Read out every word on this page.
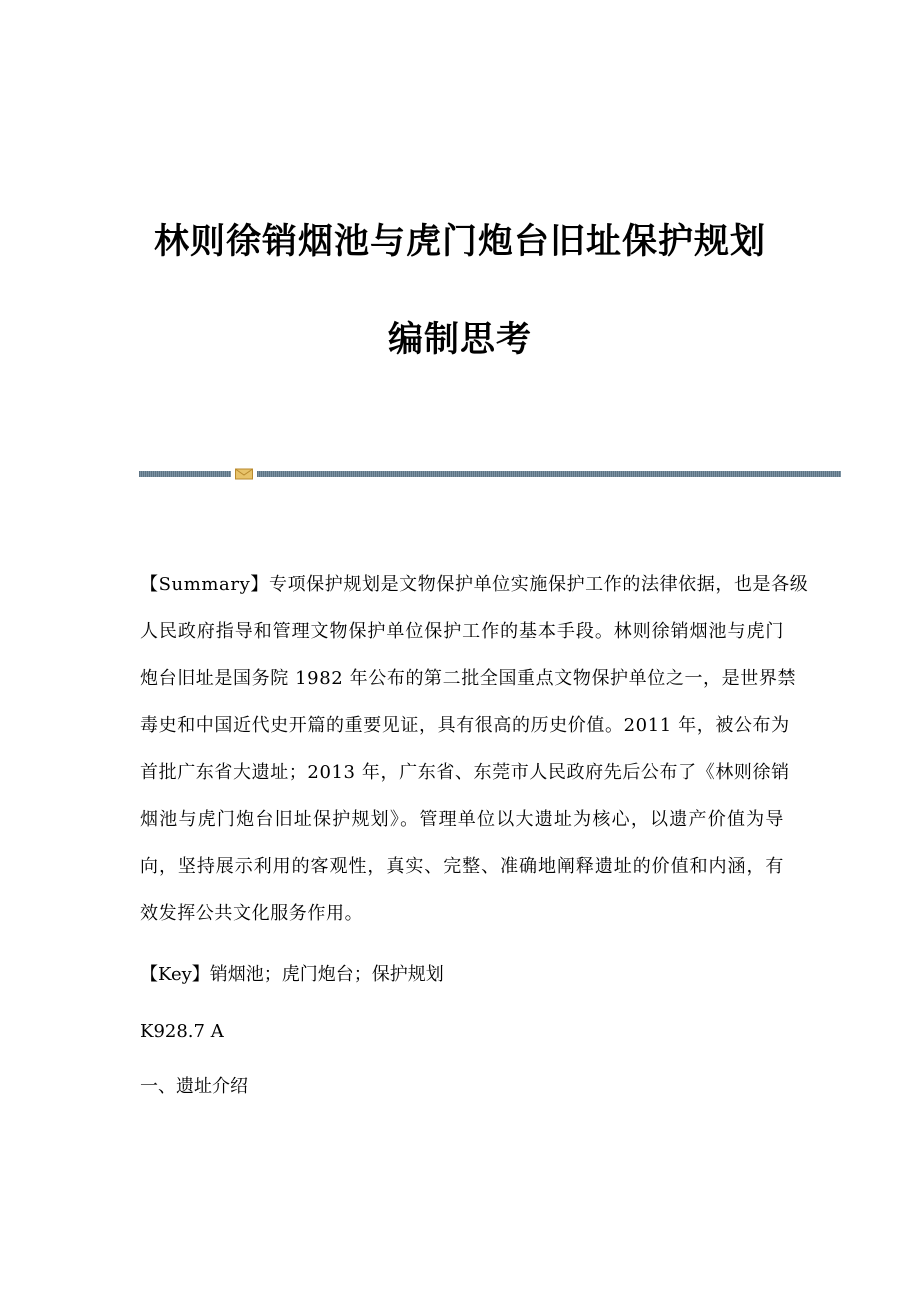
林则徐销烟池与虎门炮台旧址保护规划
编制思考
【Summary】专项保护规划是文物保护单位实施保护工作的法律依据，也是各级
人民政府指导和管理文物保护单位保护工作的基本手段。林则徐销烟池与虎门
炮台旧址是国务院 1982 年公布的第二批全国重点文物保护单位之一，是世界禁
毒史和中国近代史开篇的重要见证，具有很高的历史价值。2011 年，被公布为
首批广东省大遗址；2013 年，广东省、东莞市人民政府先后公布了《林则徐销
烟池与虎门炮台旧址保护规划》。管理单位以大遗址为核心，以遗产价值为导
向，坚持展示利用的客观性，真实、完整、准确地阐释遗址的价值和内涵，有
效发挥公共文化服务作用。
【Key】销烟池；虎门炮台；保护规划
K928.7 A
一、遗址介绍
